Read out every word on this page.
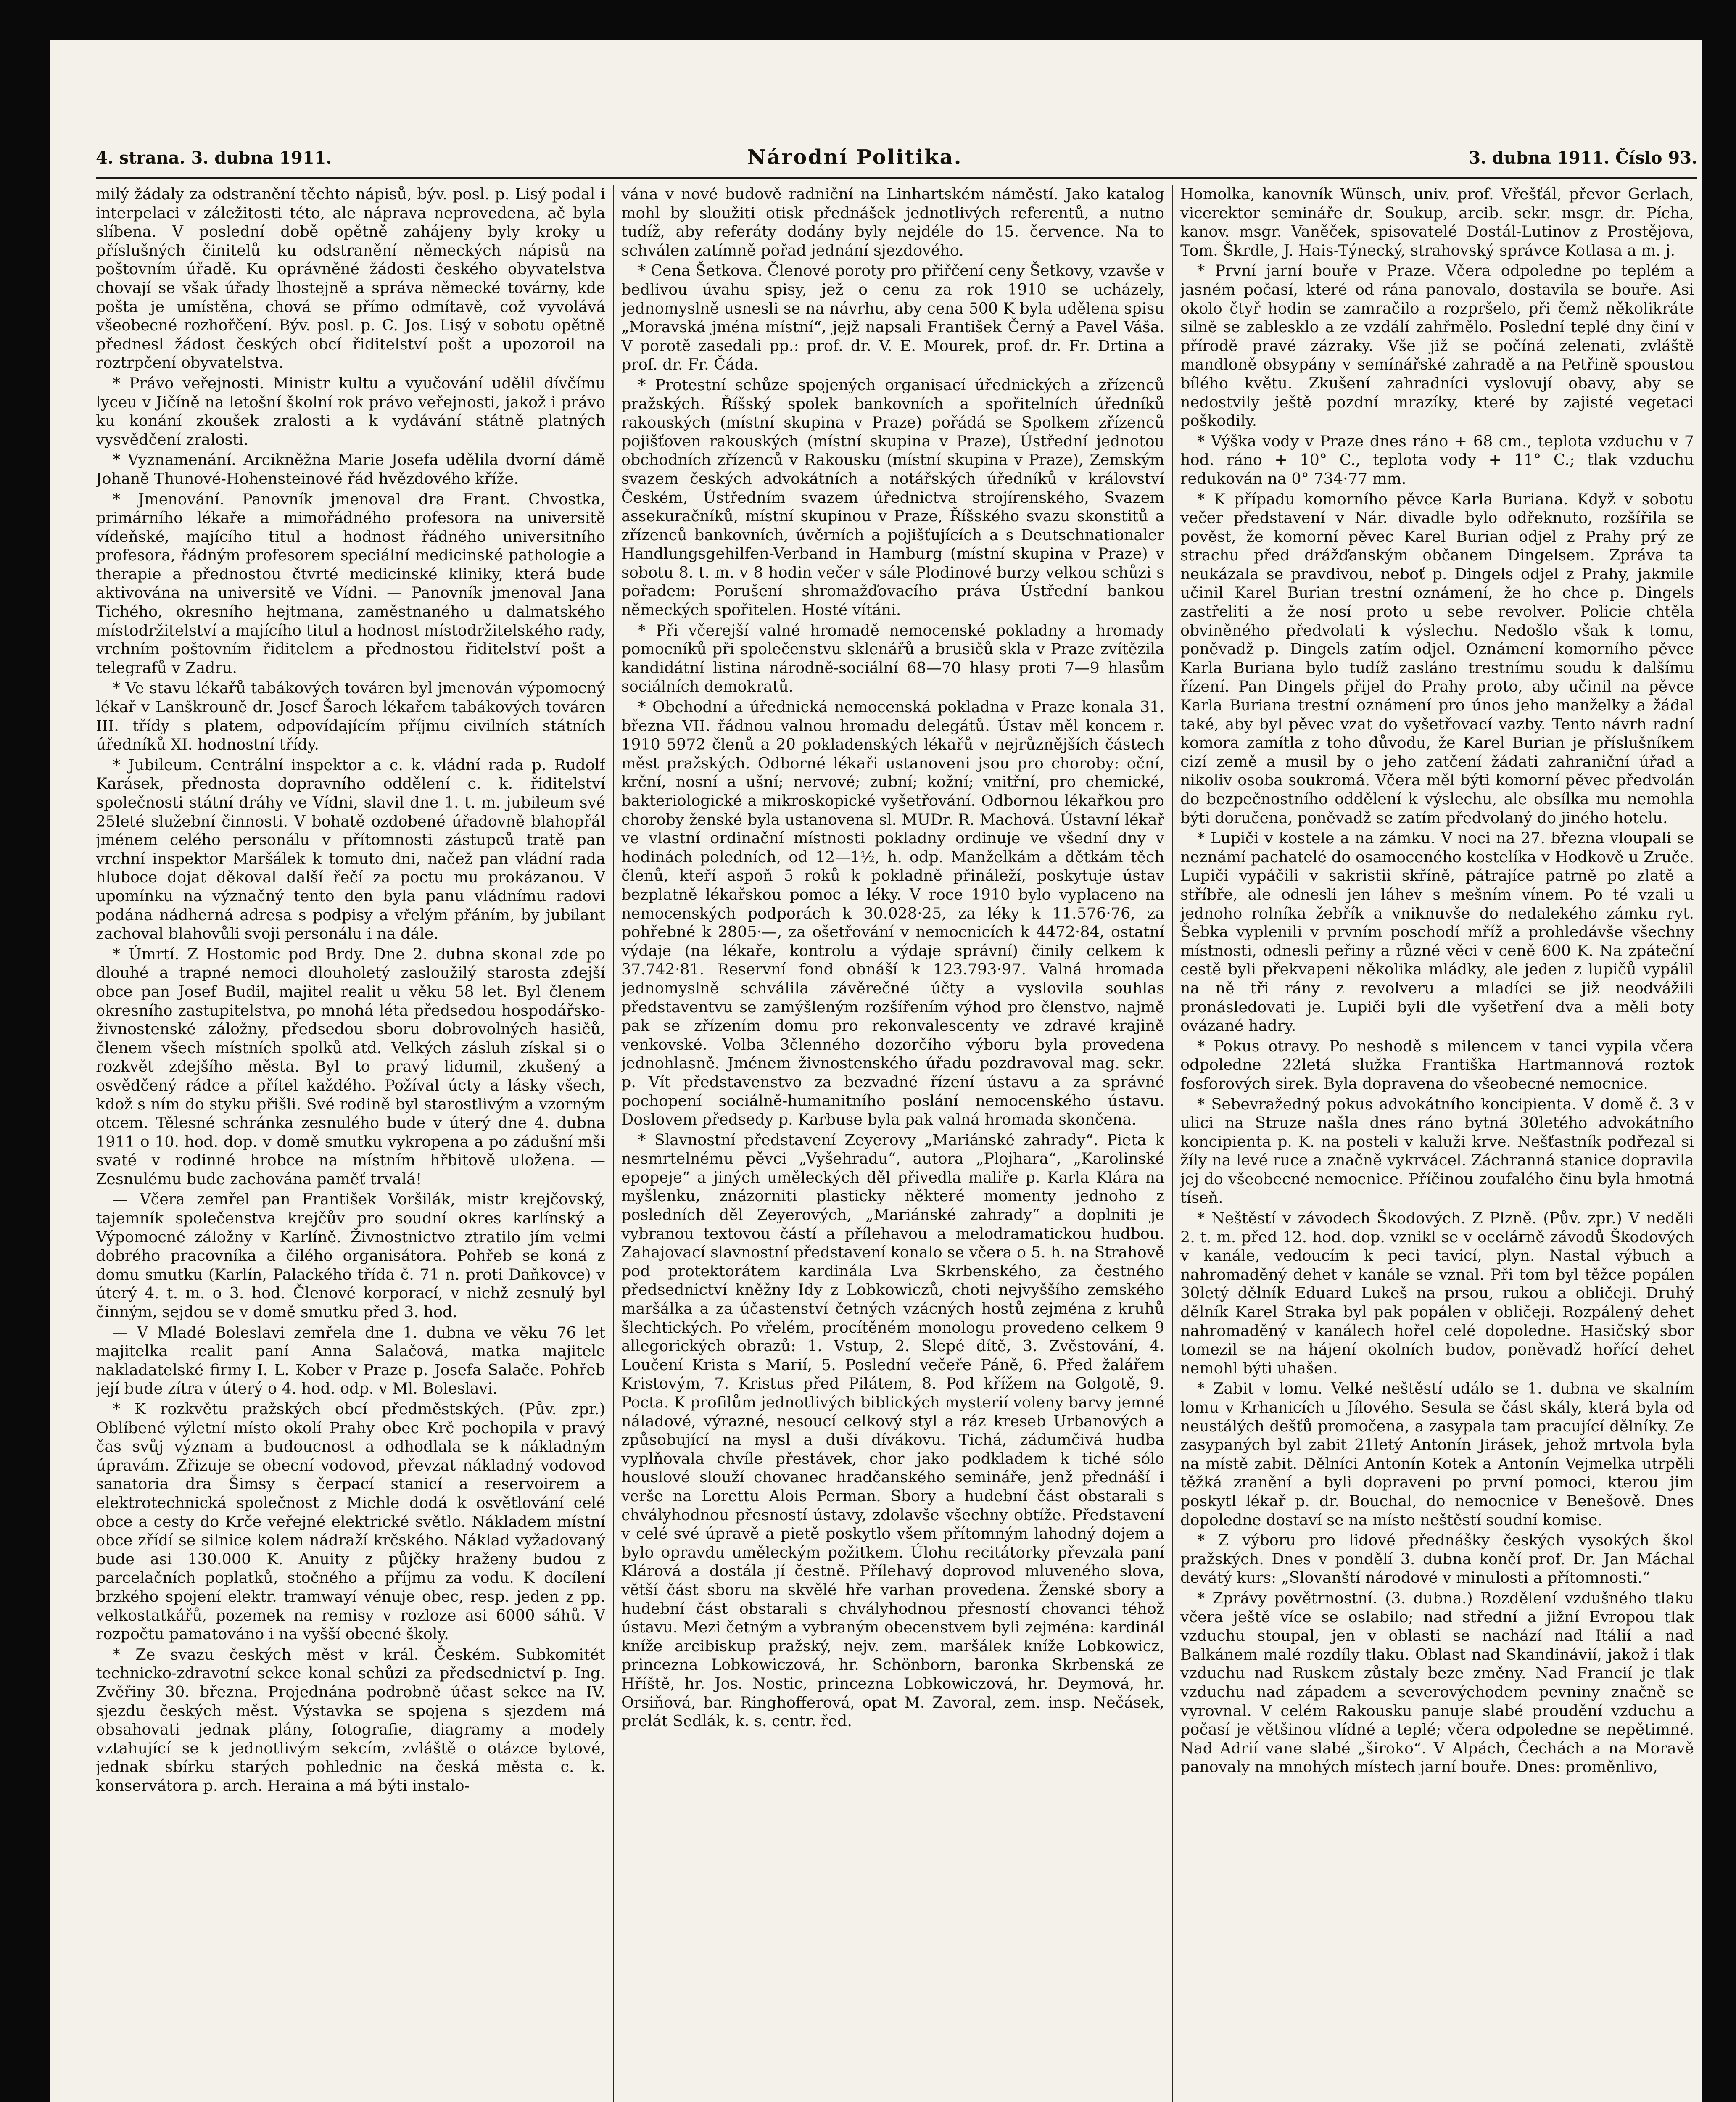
4. strana. 3. dubna 1911.	Národní Politika.	3. dubna 1911. Číslo 93.

milý žádaly za odstranění těchto nápisů, býv. posl. p. Lisý podal i interpelaci v záležitosti této, ale náprava neprovedena, ač byla slíbena. V poslední době opětně zahájeny byly kroky u příslušných činitelů ku odstranění německých nápisů na poštovním úřadě. Ku oprávněné žádosti českého obyvatelstva chovají se však úřady lhostejně a správa německé továrny, kde pošta je umístěna, chová se přímo odmítavě, což vyvolává všeobecné rozhořčení. Býv. posl. p. C. Jos. Lisý v sobotu opětně přednesl žádost českých obcí řiditelství pošt a upozoroil na roztrpčení obyvatelstva.

* Právo veřejnosti. Ministr kultu a vyučování udělil dívčímu lyceu v Jičíně na letošní školní rok právo veřejnosti, jakož i právo ku konání zkoušek zralosti a k vydávání státně platných vysvědčení zralosti.

* Vyznamenání. Arcikněžna Marie Josefa udělila dvorní dámě Johaně Thunové-Hohensteinové řád hvězdového kříže.

* Jmenování. Panovník jmenoval dra Frant. Chvostka, primárního lékaře a mimořádného profesora na universitě vídeňské, majícího titul a hodnost řádného universitního profesora, řádným profesorem speciální medicinské pathologie a therapie a přednostou čtvrté medicinské kliniky, která bude aktivována na universitě ve Vídni. — Panovník jmenoval Jana Tichého, okresního hejtmana, zaměstnaného u dalmatského místodržitelství a majícího titul a hodnost místodržitelského rady, vrchním poštovním řiditelem a přednostou řiditelství pošt a telegrafů v Zadru.

* Ve stavu lékařů tabákových továren byl jmenován výpomocný lékař v Lanškrouně dr. Josef Šaroch lékařem tabákových továren III. třídy s platem, odpovídajícím příjmu civilních státních úředníků XI. hodnostní třídy.

* Jubileum. Centrální inspektor a c. k. vládní rada p. Rudolf Karásek, přednosta dopravního oddělení c. k. řiditelství společnosti státní dráhy ve Vídni, slavil dne 1. t. m. jubileum své 25leté služební činnosti. V bohatě ozdobené úřadovně blahopřál jménem celého personálu v přítomnosti zástupců tratě pan vrchní inspektor Maršálek k tomuto dni, načež pan vládní rada hluboce dojat děkoval další řečí za poctu mu prokázanou. V upomínku na význačný tento den byla panu vládnímu radovi podána nádherná adresa s podpisy a vřelým přáním, by jubilant zachoval blahovůli svoji personálu i na dále.

* Úmrtí. Z Hostomic pod Brdy. Dne 2. dubna skonal zde po dlouhé a trapné nemoci dlouholetý zasloužilý starosta zdejší obce pan Josef Budil, majitel realit u věku 58 let. Byl členem okresního zastupitelstva, po mnohá léta předsedou hospodářsko-živnostenské záložny, předsedou sboru dobrovolných hasičů, členem všech místních spolků atd. Velkých zásluh získal si o rozkvět zdejšího města. Byl to pravý lidumil, zkušený a osvědčený rádce a přítel každého. Požíval úcty a lásky všech, kdož s ním do styku přišli. Své rodině byl starostlivým a vzorným otcem. Tělesné schránka zesnulého bude v úterý dne 4. dubna 1911 o 10. hod. dop. v domě smutku vykropena a po zádušní mši svaté v rodinné hrobce na místním hřbitově uložena. — Zesnulému bude zachována paměť trvalá!

— Včera zemřel pan František Voršilák, mistr krejčovský, tajemník společenstva krejčův pro soudní okres karlínský a Výpomocné záložny v Karlíně. Živnostnictvo ztratilo jím velmi dobrého pracovníka a čilého organisátora. Pohřeb se koná z domu smutku (Karlín, Palackého třída č. 71 n. proti Daňkovce) v úterý 4. t. m. o 3. hod. Členové korporací, v nichž zesnulý byl činným, sejdou se v domě smutku před 3. hod.

— V Mladé Boleslavi zemřela dne 1. dubna ve věku 76 let majitelka realit paní Anna Salačová, matka majitele nakladatelské firmy I. L. Kober v Praze p. Josefa Salače. Pohřeb její bude zítra v úterý o 4. hod. odp. v Ml. Boleslavi.

* K rozkvětu pražských obcí předměstských. (Pův. zpr.) Oblíbené výletní místo okolí Prahy obec Krč pochopila v pravý čas svůj význam a budoucnost a odhodlala se k nákladným úpravám. Zřizuje se obecní vodovod, převzat nákladný vodovod sanatoria dra Šimsy s čerpací stanicí a reservoirem a elektrotechnická společnost z Michle dodá k osvětlování celé obce a cesty do Krče veřejné elektrické světlo. Nákladem místní obce zřídí se silnice kolem nádraží krčského. Náklad vyžadovaný bude asi 130.000 K. Anuity z půjčky hraženy budou z parcelačních poplatků, stočného a příjmu za vodu. K docílení brzkého spojení elektr. tramwayí vénuje obec, resp. jeden z pp. velkostatkářů, pozemek na remisy v rozloze asi 6000 sáhů. V rozpočtu pamatováno i na vyšší obecné školy.

* Ze svazu českých měst v král. Českém. Subkomitét technicko-zdravotní sekce konal schůzi za předsednictví p. Ing. Zvěřiny 30. března. Projednána podrobně účast sekce na IV. sjezdu českých měst. Výstavka se spojena s sjezdem má obsahovati jednak plány, fotografie, diagramy a modely vztahující se k jednotlivým sekcím, zvláště o otázce bytové, jednak sbírku starých pohlednic na česká města c. k. konservátora p. arch. Heraina a má býti instalo-

vána v nové budově radniční na Linhartském náměstí. Jako katalog mohl by sloužiti otisk přednášek jednotlivých referentů, a nutno tudíž, aby referáty dodány byly nejdéle do 15. července. Na to schválen zatímně pořad jednání sjezdového.

* Cena Šetkova. Členové poroty pro přiřčení ceny Šetkovy, vzavše v bedlivou úvahu spisy, jež o cenu za rok 1910 se ucházely, jednomyslně usnesli se na návrhu, aby cena 500 K byla udělena spisu „Moravská jména místní“, jejž napsali František Černý a Pavel Váša. V porotě zasedali pp.: prof. dr. V. E. Mourek, prof. dr. Fr. Drtina a prof. dr. Fr. Čáda.

* Protestní schůze spojených organisací úřednických a zřízenců pražských. Říšský spolek bankovních a spořitelních úředníků rakouských (místní skupina v Praze) pořádá se Spolkem zřízenců pojišťoven rakouských (místní skupina v Praze), Ústřední jednotou obchodních zřízenců v Rakousku (místní skupina v Praze), Zemským svazem českých advokátních a notářských úředníků v království Českém, Ústředním svazem úřednictva strojírenského, Svazem assekuračníků, místní skupinou v Praze, Říšského svazu skonstitů a zřízenců bankovních, úvěrních a pojišťujících a s Deutschnationaler Handlungsgehilfen-Verband in Hamburg (místní skupina v Praze) v sobotu 8. t. m. v 8 hodin večer v sále Plodinové burzy velkou schůzi s pořadem: Porušení shromažďovacího práva Ústřední bankou německých spořitelen. Hosté vítáni.

* Při včerejší valné hromadě nemocenské pokladny a hromady pomocníků při společenstvu sklenářů a brusičů skla v Praze zvítězila kandidátní listina národně-sociální 68—70 hlasy proti 7—9 hlasům sociálních demokratů.

* Obchodní a úřednická nemocenská pokladna v Praze konala 31. března VII. řádnou valnou hromadu delegátů. Ústav měl koncem r. 1910 5972 členů a 20 pokladenských lékařů v nejrůznějších částech měst pražských. Odborné lékaři ustanoveni jsou pro choroby: oční, krční, nosní a ušní; nervové; zubní; kožní; vnitřní, pro chemické, bakteriologické a mikroskopické vyšetřování. Odbornou lékařkou pro choroby ženské byla ustanovena sl. MUDr. R. Machová. Ústavní lékař ve vlastní ordinační místnosti pokladny ordinuje ve všední dny v hodinách poledních, od 12—1½, h. odp. Manželkám a dětkám těch členů, kteří aspoň 5 roků k pokladně přináleží, poskytuje ústav bezplatně lékařskou pomoc a léky. V roce 1910 bylo vyplaceno na nemocenských podporách k 30.028·25, za léky k 11.576·76, za pohřebné k 2805·—, za ošetřování v nemocnicích k 4472·84, ostatní výdaje (na lékaře, kontrolu a výdaje správní) činily celkem k 37.742·81. Reservní fond obnáší k 123.793·97. Valná hromada jednomyslně schválila závěrečné účty a vyslovila souhlas představentvu se zamýšleným rozšířením výhod pro členstvo, najmě pak se zřízením domu pro rekonvalescenty ve zdravé krajině venkovské. Volba 3členného dozorčího výboru byla provedena jednohlasně. Jménem živnostenského úřadu pozdravoval mag. sekr. p. Vít představenstvo za bezvadné řízení ústavu a za správné pochopení sociálně-humanitního poslání nemocenského ústavu. Doslovem předsedy p. Karbuse byla pak valná hromada skončena.

* Slavnostní představení Zeyerovy „Mariánské zahrady“. Pieta k nesmrtelnému pěvci „Vyšehradu“, autora „Plojhara“, „Karolinské epopeje“ a jiných uměleckých děl přivedla maliře p. Karla Klára na myšlenku, znázorniti plasticky některé momenty jednoho z posledních děl Zeyerových, „Mariánské zahrady“ a doplniti je vybranou textovou částí a přílehavou a melodramatickou hudbou. Zahajovací slavnostní představení konalo se včera o 5. h. na Strahově pod protektorátem kardinála Lva Skrbenského, za čestného předsednictví kněžny Idy z Lobkowiczů, choti nejvyššího zemského maršálka a za účastenství četných vzácných hostů zejména z kruhů šlechtických. Po vřelém, procítěném monologu provedeno celkem 9 allegorických obrazů: 1. Vstup, 2. Slepé dítě, 3. Zvěstování, 4. Loučení Krista s Marií, 5. Poslední večeře Páně, 6. Před žalářem Kristovým, 7. Kristus před Pilátem, 8. Pod křížem na Golgotě, 9. Pocta. K profilům jednotlivých biblických mysterií voleny barvy jemné náladové, výrazné, nesoucí celkový styl a ráz kreseb Urbanových a způsobující na mysl a duši dívákovu. Tichá, zádumčivá hudba vyplňovala chvíle přestávek, chor jako podkladem k tiché sólo houslové slouží chovanec hradčanského semináře, jenž přednáší i verše na Lorettu Alois Perman. Sbory a hudební část obstarali s chvályhodnou přesností ústavy, zdolavše všechny obtíže. Představení v celé své úpravě a pietě poskytlo všem přítomným lahodný dojem a bylo opravdu uměleckým požitkem. Úlohu recitátorky převzala paní Klárová a dostála jí čestně. Přílehavý doprovod mluveného slova, větší část sboru na skvělé hře varhan provedena. Ženské sbory a hudební část obstarali s chvályhodnou přesností chovanci téhož ústavu. Mezi četným a vybraným obecenstvem byli zejména: kardinál kníže arcibiskup pražský, nejv. zem. maršálek kníže Lobkowicz, princezna Lobkowiczová, hr. Schönborn, baronka Skrbenská ze Hříště, hr. Jos. Nostic, princezna Lobkowiczová, hr. Deymová, hr. Orsiňová, bar. Ringhofferová, opat M. Zavoral, zem. insp. Nečásek, prelát Sedlák, k. s. centr. řed.

Homolka, kanovník Wünsch, univ. prof. Vřešťál, převor Gerlach, vicerektor semináře dr. Soukup, arcib. sekr. msgr. dr. Pícha, kanov. msgr. Vaněček, spisovatelé Dostál-Lutinov z Prostějova, Tom. Škrdle, J. Hais-Týnecký, strahovský správce Kotlasa a m. j.

* První jarní bouře v Praze. Včera odpoledne po teplém a jasném počasí, které od rána panovalo, dostavila se bouře. Asi okolo čtyř hodin se zamračilo a rozpršelo, při čemž několikráte silně se zablesklo a ze vzdálí zahřmělo. Poslední teplé dny činí v přírodě pravé zázraky. Vše již se počíná zelenati, zvláště mandloně obsypány v semínářské zahradě a na Petřině spoustou bílého květu. Zkušení zahradníci vyslovují obavy, aby se nedostvily ještě pozdní mrazíky, které by zajisté vegetaci poškodily.

* Výška vody v Praze dnes ráno + 68 cm., teplota vzduchu v 7 hod. ráno + 10° C., teplota vody + 11° C.; tlak vzduchu redukován na 0° 734·77 mm.

* K případu komorního pěvce Karla Buriana. Když v sobotu večer představení v Nár. divadle bylo odřeknuto, rozšířila se pověst, že komorní pěvec Karel Burian odjel z Prahy prý ze strachu před drážďanským občanem Dingelsem. Zpráva ta neukázala se pravdivou, neboť p. Dingels odjel z Prahy, jakmile učinil Karel Burian trestní oznámení, že ho chce p. Dingels zastřeliti a že nosí proto u sebe revolver. Policie chtěla obviněného předvolati k výslechu. Nedošlo však k tomu, poněvadž p. Dingels zatím odjel. Oznámení komorního pěvce Karla Buriana bylo tudíž zasláno trestnímu soudu k dalšímu řízení. Pan Dingels přijel do Prahy proto, aby učinil na pěvce Karla Buriana trestní oznámení pro únos jeho manželky a žádal také, aby byl pěvec vzat do vyšetřovací vazby. Tento návrh radní komora zamítla z toho důvodu, že Karel Burian je příslušníkem cizí země a musil by o jeho zatčení žádati zahraniční úřad a nikoliv osoba soukromá. Včera měl býti komorní pěvec předvolán do bezpečnostního oddělení k výslechu, ale obsílka mu nemohla býti doručena, poněvadž se zatím předvolaný do jiného hotelu.

* Lupiči v kostele a na zámku. V noci na 27. března vloupali se neznámí pachatelé do osamoceného kostelíka v Hodkově u Zruče. Lupiči vypáčili v sakristii skříně, pátrajíce patrně po zlatě a stříbře, ale odnesli jen láhev s mešním vínem. Po té vzali u jednoho rolníka žebřík a vniknuvše do nedalekého zámku ryt. Šebka vyplenili v prvním poschodí mříž a prohledávše všechny místnosti, odnesli peřiny a různé věci v ceně 600 K. Na zpáteční cestě byli překvapeni několika mládky, ale jeden z lupičů vypálil na ně tři rány z revolveru a mladíci se již neodvážili pronásledovati je. Lupiči byli dle vyšetření dva a měli boty ovázané hadry.

* Pokus otravy. Po neshodě s milencem v tanci vypila včera odpoledne 22letá služka Františka Hartmannová roztok fosforových sirek. Byla dopravena do všeobecné nemocnice.

* Sebevražedný pokus advokátního koncipienta. V domě č. 3 v ulici na Struze našla dnes ráno bytná 30letého advokátního koncipienta p. K. na posteli v kaluži krve. Nešťastník podřezal si žíly na levé ruce a značně vykrvácel. Záchranná stanice dopravila jej do všeobecné nemocnice. Příčinou zoufalého činu byla hmotná tíseň.

* Neštěstí v závodech Škodových. Z Plzně. (Pův. zpr.) V neděli 2. t. m. před 12. hod. dop. vznikl se v ocelárně závodů Škodových v kanále, vedoucím k peci tavicí, plyn. Nastal výbuch a nahromaděný dehet v kanále se vznal. Při tom byl těžce popálen 30letý dělník Eduard Lukeš na prsou, rukou a obličeji. Druhý dělník Karel Straka byl pak popálen v obličeji. Rozpálený dehet nahromaděný v kanálech hořel celé dopoledne. Hasičský sbor tomezil se na hájení okolních budov, poněvadž hořící dehet nemohl býti uhašen.

* Zabit v lomu. Velké neštěstí událo se 1. dubna ve skalním lomu v Krhanicích u Jílového. Sesula se část skály, která byla od neustálých dešťů promočena, a zasypala tam pracující dělníky. Ze zasypaných byl zabit 21letý Antonín Jirásek, jehož mrtvola byla na místě zabit. Dělníci Antonín Kotek a Antonín Vejmelka utrpěli těžká zranění a byli dopraveni po první pomoci, kterou jim poskytl lékař p. dr. Bouchal, do nemocnice v Benešově. Dnes dopoledne dostaví se na místo neštěstí soudní komise.

* Z výboru pro lidové přednášky českých vysokých škol pražských. Dnes v pondělí 3. dubna končí prof. Dr. Jan Máchal devátý kurs: „Slovanští národové v minulosti a přítomnosti.“

* Zprávy povětrnostní. (3. dubna.) Rozdělení vzdušného tlaku včera ještě více se oslabilo; nad střední a jižní Evropou tlak vzduchu stoupal, jen v oblasti se nachází nad Itálií a nad Balkánem malé rozdíly tlaku. Oblast nad Skandinávií, jakož i tlak vzduchu nad Ruskem zůstaly beze změny. Nad Francií je tlak vzduchu nad západem a severovýchodem pevniny značně se vyrovnal. V celém Rakousku panuje slabé proudění vzduchu a počasí je většinou vlídné a teplé; včera odpoledne se nepětimné. Nad Adrií vane slabé „široko“. V Alpách, Čechách a na Moravě panovaly na mnohých místech jarní bouře. Dnes: proměnlivo,
